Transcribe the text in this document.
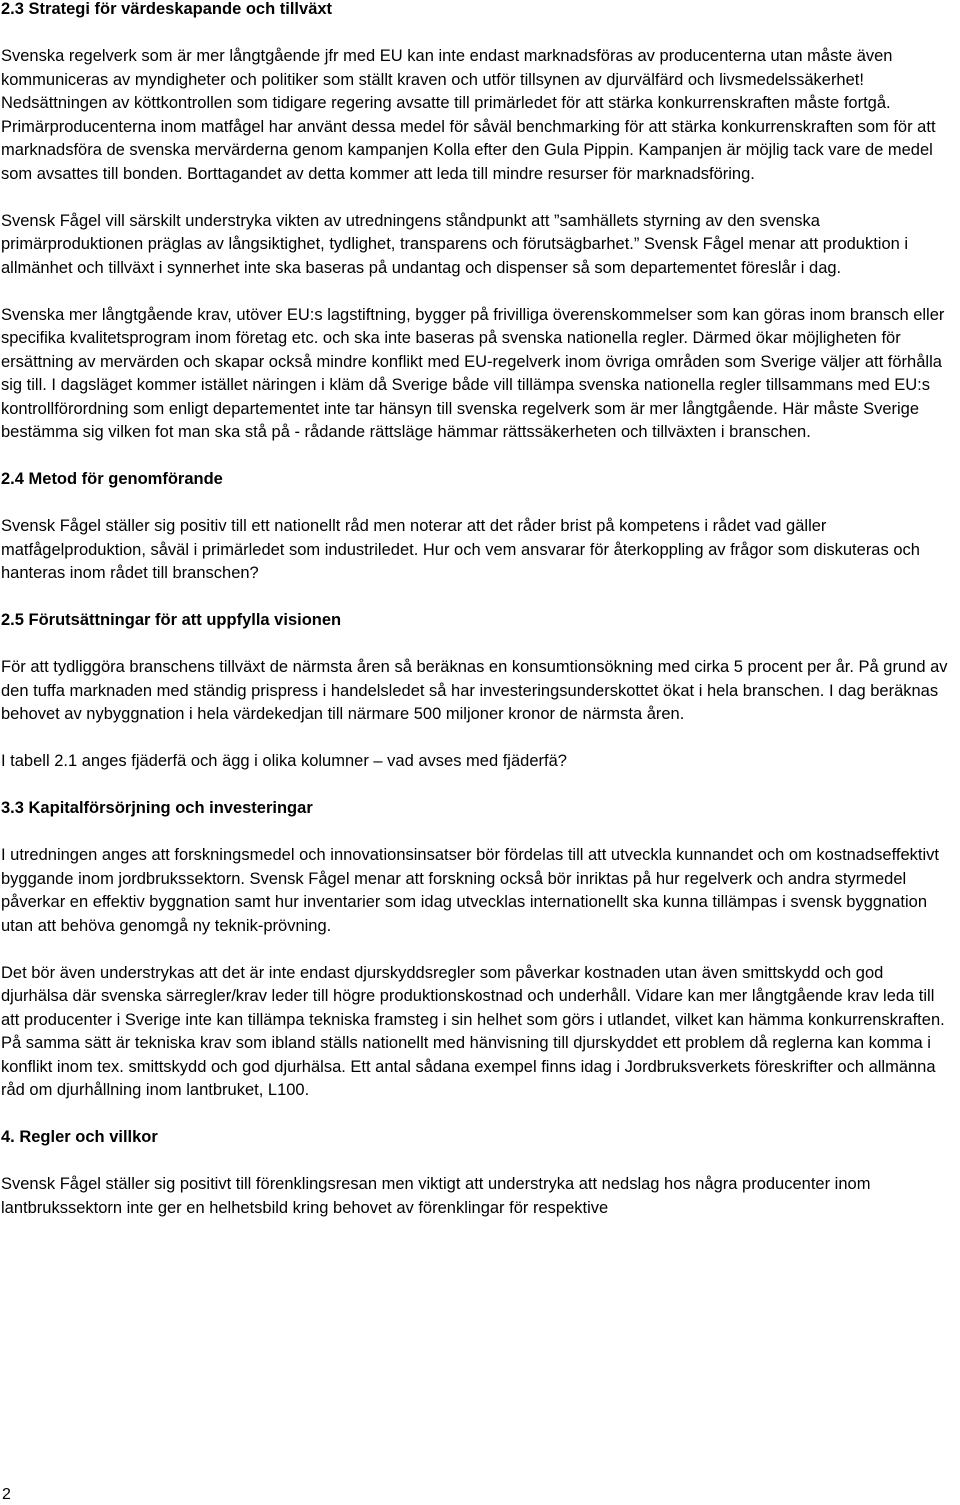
2.3 Strategi för värdeskapande och tillväxt

Svenska regelverk som är mer långtgående jfr med EU kan inte endast marknadsföras av producenterna utan måste även kommuniceras av myndigheter och politiker som ställt kraven och utför tillsynen av djurvälfärd och livsmedelssäkerhet! Nedsättningen av köttkontrollen som tidigare regering avsatte till primärledet för att stärka konkurrenskraften måste fortgå. Primärproducenterna inom matfågel har använt dessa medel för såväl benchmarking för att stärka konkurrenskraften som för att marknadsföra de svenska mervärderna genom kampanjen Kolla efter den Gula Pippin. Kampanjen är möjlig tack vare de medel som avsattes till bonden. Borttagandet av detta kommer att leda till mindre resurser för marknadsföring.

Svensk Fågel vill särskilt understryka vikten av utredningens ståndpunkt att ”samhällets styrning av den svenska primärproduktionen präglas av långsiktighet, tydlighet, transparens och förutsägbarhet.” Svensk Fågel menar att produktion i allmänhet och tillväxt i synnerhet inte ska baseras på undantag och dispenser så som departementet föreslår i dag.

Svenska mer långtgående krav, utöver EU:s lagstiftning, bygger på frivilliga överenskommelser som kan göras inom bransch eller specifika kvalitetsprogram inom företag etc. och ska inte baseras på svenska nationella regler. Därmed ökar möjligheten för ersättning av mervärden och skapar också mindre konflikt med EU-regelverk inom övriga områden som Sverige väljer att förhålla sig till. I dagsläget kommer istället näringen i kläm då Sverige både vill tillämpa svenska nationella regler tillsammans med EU:s kontrollförordning som enligt departementet inte tar hänsyn till svenska regelverk som är mer långtgående. Här måste Sverige bestämma sig vilken fot man ska stå på - rådande rättsläge hämmar rättssäkerheten och tillväxten i branschen.

2.4 Metod för genomförande

Svensk Fågel ställer sig positiv till ett nationellt råd men noterar att det råder brist på kompetens i rådet vad gäller matfågelproduktion, såväl i primärledet som industriledet. Hur och vem ansvarar för återkoppling av frågor som diskuteras och hanteras inom rådet till branschen?

2.5 Förutsättningar för att uppfylla visionen

För att tydliggöra branschens tillväxt de närmsta åren så beräknas en konsumtionsökning med cirka 5 procent per år. På grund av den tuffa marknaden med ständig prispress i handelsledet så har investeringsunderskottet ökat i hela branschen. I dag beräknas behovet av nybyggnation i hela värdekedjan till närmare 500 miljoner kronor de närmsta åren.

I tabell 2.1 anges fjäderfä och ägg i olika kolumner – vad avses med fjäderfä?

3.3 Kapitalförsörjning och investeringar

I utredningen anges att forskningsmedel och innovationsinsatser bör fördelas till att utveckla kunnandet och om kostnadseffektivt byggande inom jordbrukssektorn. Svensk Fågel menar att forskning också bör inriktas på hur regelverk och andra styrmedel påverkar en effektiv byggnation samt hur inventarier som idag utvecklas internationellt ska kunna tillämpas i svensk byggnation utan att behöva genomgå ny teknik-prövning.

Det bör även understrykas att det är inte endast djurskyddsregler som påverkar kostnaden utan även smittskydd och god djurhälsa där svenska särregler/krav leder till högre produktionskostnad och underhåll. Vidare kan mer långtgående krav leda till att producenter i Sverige inte kan tillämpa tekniska framsteg i sin helhet som görs i utlandet, vilket kan hämma konkurrenskraften. På samma sätt är tekniska krav som ibland ställs nationellt med hänvisning till djurskyddet ett problem då reglerna kan komma i konflikt inom tex. smittskydd och god djurhälsa. Ett antal sådana exempel finns idag i Jordbruksverkets föreskrifter och allmänna råd om djurhållning inom lantbruket, L100.

4. Regler och villkor

Svensk Fågel ställer sig positivt till förenklingsresan men viktigt att understryka att nedslag hos några producenter inom lantbrukssektorn inte ger en helhetsbild kring behovet av förenklingar för respektive

2
